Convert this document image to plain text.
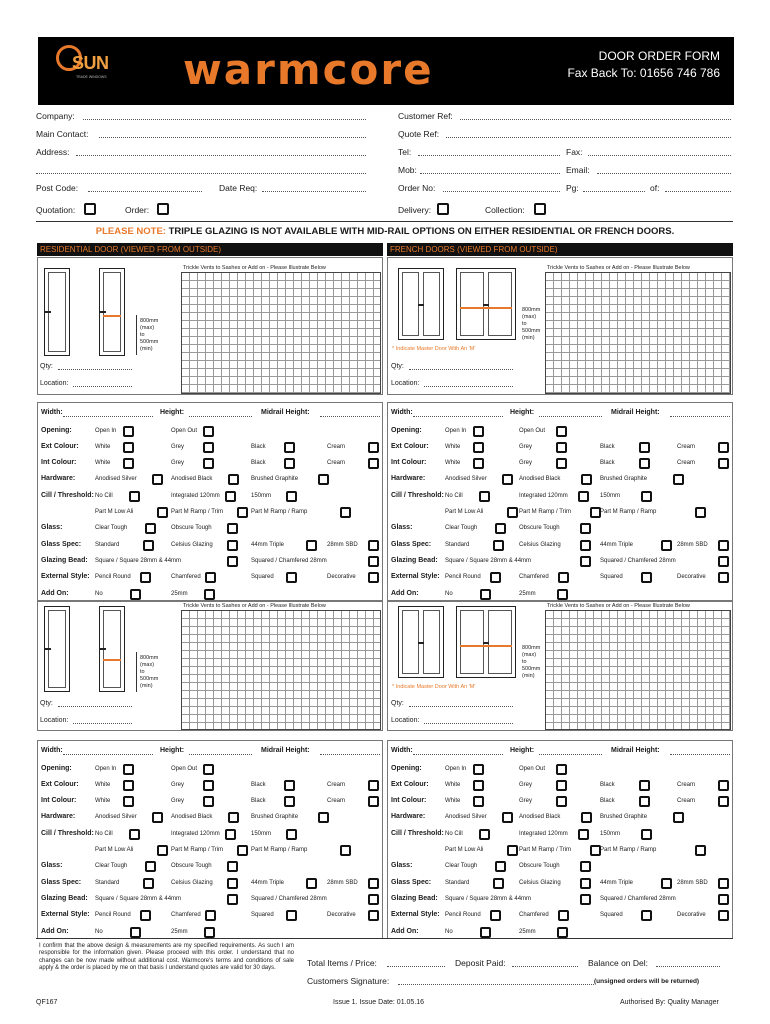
SUN
TRADE WINDOWS warmcore	DOOR ORDER FORM
Fax Back To: 01656 746 786
Company:
Main Contact:
Address:
Post Code:	Date Req:
Quotation:	Order:
Customer Ref:
Quote Ref:
Tel:	Fax:
Mob:	Email:
Order No:	Pg:	of:
Delivery:	Collection:
PLEASE NOTE: TRIPLE GLAZING IS NOT AVAILABLE WITH MID-RAIL OPTIONS ON EITHER RESIDENTIAL OR FRENCH DOORS.
RESIDENTIAL DOOR (VIEWED FROM OUTSIDE)	FRENCH DOORS (VIEWED FROM OUTSIDE)
Trickle Vents to Sashes or Add on - Please Illustrate Below
800mm
(max)
to
500mm
(min)
Qty:
Location:
Trickle Vents to Sashes or Add on - Please Illustrate Below
800mm
(max)
to
500mm
(min)
* Indicate Master Door With An 'M'
Qty:
Location:
Width:	Height:	Midrail Height:
Opening:	Open In	Open Out
Ext Colour:	White	Grey	Black	Cream
Int Colour:	White	Grey	Black	Cream
Hardware:	Anodised Silver	Anodised Black	Brushed Graphite
Cill / Threshold: No Cill	Integrated 120mm	150mm
Part M Low Ali	Part M Ramp / Trim	Part M Ramp / Ramp
Glass:	Clear Tough	Obscure Tough
Glass Spec: Standard	Celsius Glazing	44mm Triple	28mm SBD
Glazing Bead: Square / Square 28mm & 44mm	Squared / Chamfered 28mm
External Style: Pencil Round	Chamfered	Squared	Decorative
Add On:	No	25mm
Width:	Height:	Midrail Height:
Opening:	Open In	Open Out
Ext Colour:	White	Grey	Black	Cream
Int Colour:	White	Grey	Black	Cream
Hardware:	Anodised Silver	Anodised Black	Brushed Graphite
Cill / Threshold: No Cill	Integrated 120mm	150mm
Part M Low Ali	Part M Ramp / Trim	Part M Ramp / Ramp
Glass:	Clear Tough	Obscure Tough
Glass Spec: Standard	Celsius Glazing	44mm Triple	28mm SBD
Glazing Bead: Square / Square 28mm & 44mm	Squared / Chamfered 28mm
External Style: Pencil Round	Chamfered	Squared	Decorative
Add On:	No	25mm
Trickle Vents to Sashes or Add on - Please Illustrate Below
800mm
(max)
to
500mm
(min)
Qty:
Location:
Trickle Vents to Sashes or Add on - Please Illustrate Below
800mm
(max)
to
500mm
(min)
* Indicate Master Door With An 'M'
Qty:
Location:
Width:	Height:	Midrail Height:
Opening:	Open In	Open Out
Ext Colour:	White	Grey	Black	Cream
Int Colour:	White	Grey	Black	Cream
Hardware:	Anodised Silver	Anodised Black	Brushed Graphite
Cill / Threshold: No Cill	Integrated 120mm	150mm
Part M Low Ali	Part M Ramp / Trim	Part M Ramp / Ramp
Glass:	Clear Tough	Obscure Tough
Glass Spec: Standard	Celsius Glazing	44mm Triple	28mm SBD
Glazing Bead: Square / Square 28mm & 44mm	Squared / Chamfered 28mm
External Style: Pencil Round	Chamfered	Squared	Decorative
Add On:	No	25mm
Width:	Height:	Midrail Height:
Opening:	Open In	Open Out
Ext Colour:	White	Grey	Black	Cream
Int Colour:	White	Grey	Black	Cream
Hardware:	Anodised Silver	Anodised Black	Brushed Graphite
Cill / Threshold: No Cill	Integrated 120mm	150mm
Part M Low Ali	Part M Ramp / Trim	Part M Ramp / Ramp
Glass:	Clear Tough	Obscure Tough
Glass Spec: Standard	Celsius Glazing	44mm Triple	28mm SBD
Glazing Bead: Square / Square 28mm & 44mm	Squared / Chamfered 28mm
External Style: Pencil Round	Chamfered	Squared	Decorative
Add On:	No	25mm
I confirm that the above design & measurements are my specified requirements. As such I am responsible for the information given. Please proceed with this order. I understand that no changes can be now made without additional cost. Warmcore's terms and conditions of sale apply & the order is placed by me on that basis I understand quotes are valid for 30 days.	Total Items / Price:	Deposit Paid:	Balance on Del:
Customers Signature:	(unsigned orders will be returned)
QF167	Issue 1. Issue Date: 01.05.16	Authorised By: Quality Manager
